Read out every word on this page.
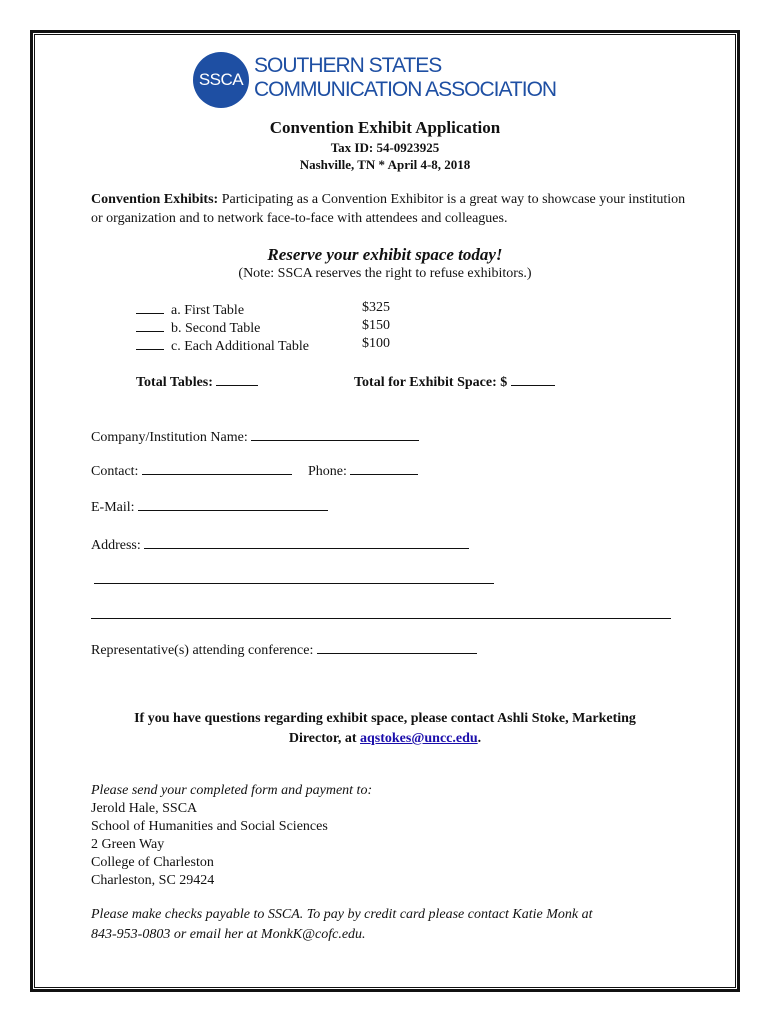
SSCA
SOUTHERN STATES
COMMUNICATION ASSOCIATION
Convention Exhibit Application
Tax ID: 54-0923925
Nashville, TN * April 4-8, 2018
Convention Exhibits: Participating as a Convention Exhibitor is a great way to showcase your institution or organization and to network face-to-face with attendees and colleagues.
Reserve your exhibit space today!
(Note: SSCA reserves the right to refuse exhibitors.)
a. First Table	$325
b. Second Table	$150
c. Each Additional Table	$100
Total Tables:	Total for Exhibit Space: $
Company/Institution Name:
Contact:	Phone:
E-Mail:
Address:
Representative(s) attending conference:
If you have questions regarding exhibit space, please contact Ashli Stoke, Marketing
Director, at aqstokes@uncc.edu.
Please send your completed form and payment to:
Jerold Hale, SSCA
School of Humanities and Social Sciences
2 Green Way
College of Charleston
Charleston, SC 29424
Please make checks payable to SSCA. To pay by credit card please contact Katie Monk at
843-953-0803 or email her at MonkK@cofc.edu.
